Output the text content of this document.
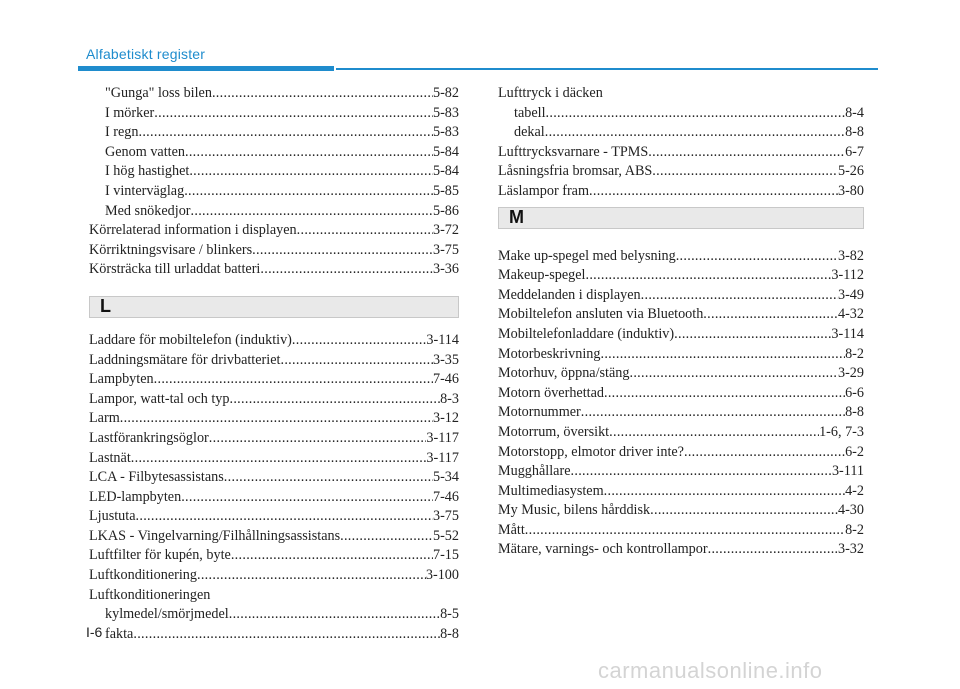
Alfabetiskt register
"Gunga" loss bilen .....	5-82
I mörker .....	5-83
I regn .....	5-83
Genom vatten .....	5-84
I hög hastighet .....	5-84
I vinterväglag .....	5-85
Med snökedjor .....	5-86
Körrelaterad information i displayen .....	3-72
Körriktningsvisare / blinkers .....	3-75
Körsträcka till urladdat batteri .....	3-36
L
Laddare för mobiltelefon (induktiv) .....	3-114
Laddningsmätare för drivbatteriet .....	3-35
Lampbyten .....	7-46
Lampor, watt-tal och typ .....	8-3
Larm .....	3-12
Lastförankringsöglor .....	3-117
Lastnät .....	3-117
LCA - Filbytesassistans .....	5-34
LED-lampbyten .....	7-46
Ljustuta .....	3-75
LKAS - Vingelvarning/Filhållningsassistans .....	5-52
Luftfilter för kupén, byte .....	7-15
Luftkonditionering .....	3-100
Luftkonditioneringen
kylmedel/smörjmedel .....	8-5
fakta .....	8-8
Lufttryck i däcken
tabell .....	8-4
dekal .....	8-8
Lufttrycksvarnare - TPMS .....	6-7
Låsningsfria bromsar, ABS .....	5-26
Läslampor fram .....	3-80
M
Make up-spegel med belysning .....	3-82
Makeup-spegel .....	3-112
Meddelanden i displayen .....	3-49
Mobiltelefon ansluten via Bluetooth .....	4-32
Mobiltelefonladdare (induktiv) .....	3-114
Motorbeskrivning .....	8-2
Motorhuv, öppna/stäng .....	3-29
Motorn överhettad .....	6-6
Motornummer .....	8-8
Motorrum, översikt .....	1-6, 7-3
Motorstopp, elmotor driver inte? .....	6-2
Mugghållare .....	3-111
Multimediasystem .....	4-2
My Music, bilens hårddisk .....	4-30
Mått .....	8-2
Mätare, varnings- och kontrollampor .....	3-32
I-6
carmanualsonline.info
